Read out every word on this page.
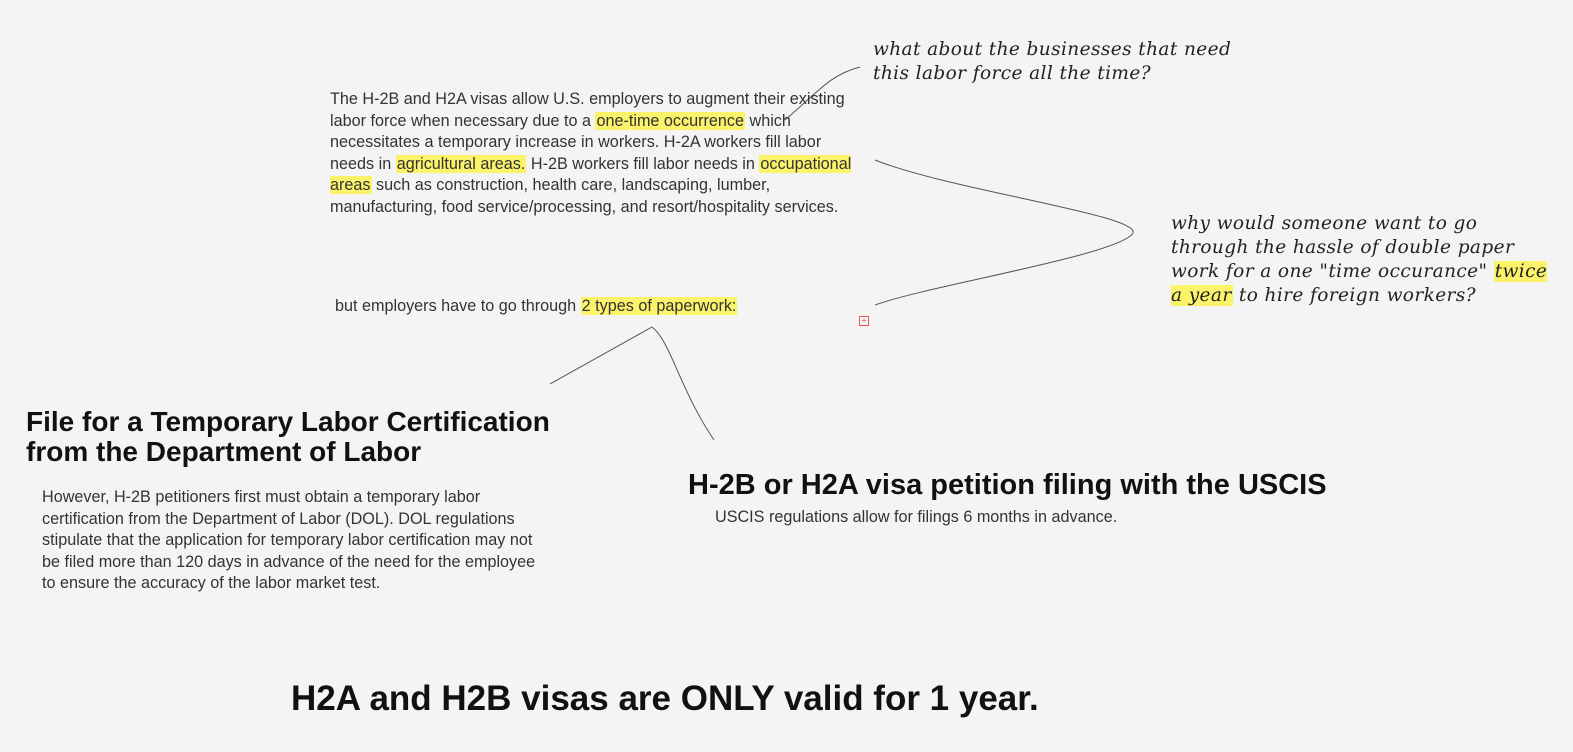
The H-2B and H2A visas allow U.S. employers to augment their existing labor force when necessary due to a one-time occurrence which necessitates a temporary increase in workers. H-2A workers fill labor needs in agricultural areas. H-2B workers fill labor needs in occupational areas such as construction, health care, landscaping, lumber, manufacturing, food service/processing, and resort/hospitality services.

but employers have to go through 2 types of paperwork:

+
File for a Temporary Labor Certification from the Department of Labor

However, H-2B petitioners first must obtain a temporary labor certification from the Department of Labor (DOL). DOL regulations stipulate that the application for temporary labor certification may not be filed more than 120 days in advance of the need for the employee to ensure the accuracy of the labor market test.

H-2B or H2A visa petition filing with the USCIS

USCIS regulations allow for filings 6 months in advance.

H2A and H2B visas are ONLY valid for 1 year.

what about the businesses that need this labor force all the time?

why would someone want to go through the hassle of double paper work for a one "time occurance" twice a year to hire foreign workers?
